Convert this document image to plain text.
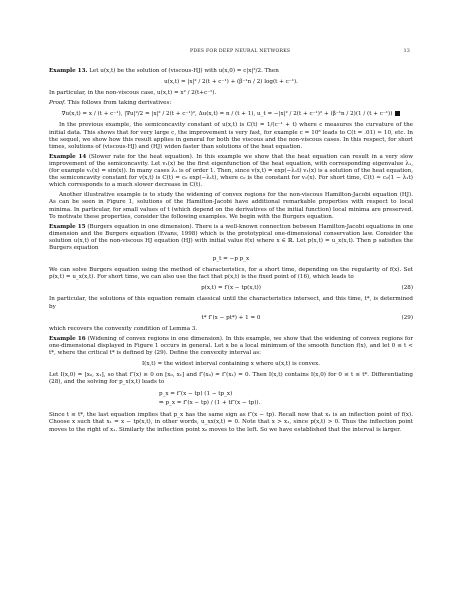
PDES FOR DEEP NEURAL NETWORKS	13

Example 13. Let u(x,t) be the solution of (viscous-HJ) with u(x,0) = c|x|²/2. Then

u(x,t) = |x|² / 2(t + c⁻¹) + (β⁻¹n / 2) log(t + c⁻¹).

In particular, in the non-viscous case, u(x,t) = x² / 2(t+c⁻¹).

Proof. This follows from taking derivatives:

∇u(x,t) = x / (t + c⁻¹), |∇u|²/2 = |x|² / 2(t + c⁻¹)², Δu(x,t) = n / (t + 1), u_t = −|x|² / 2(t + c⁻¹)² + (β⁻¹n / 2)(1 / (t + c⁻¹))

In the previous example, the semiconcavity constant of u(x,t) is C(t) = 1/(c⁻¹ + t) where c measures the curvature of the initial data. This shows that for very large c, the improvement is very fast, for example c = 10⁸ leads to C(t = .01) ≈ 10, etc. In the sequel, we show how this result applies in general for both the viscous and the non-viscous cases. In this respect, for short times, solutions of (viscous-HJ) and (HJ) widen faster than solutions of the heat equation.

Example 14 (Slower rate for the heat equation). In this example we show that the heat equation can result in a very slow improvement of the semiconcavity. Let v₁(x) be the first eigenfunction of the heat equation, with corresponding eigenvalue λ₁, (for example v₁(x) = sin(x)). In many cases λ₁ is of order 1. Then, since v(x,t) = exp(−λ₁t) v₁(x) is a solution of the heat equation, the semiconcavity constant for v(x,t) is C(t) = c₀ exp(−λ₁t), where c₀ is the constant for v₁(x). For short time, C(t) ≈ c₀(1 − λ₁t) which corresponds to a much slower decrease in C(t).

Another illustrative example is to study the widening of convex regions for the non-viscous Hamilton-Jacobi equation (HJ). As can be seen in Figure 1, solutions of the Hamilton-Jacobi have additional remarkable properties with respect to local minima. In particular, for small values of t (which depend on the derivatives of the initial function) local minima are preserved. To motivate these properties, consider the following examples. We begin with the Burgers equation.

Example 15 (Burgers equation in one dimension). There is a well-known connection between Hamilton-Jacobi equations in one dimension and the Burgers equation (Evans, 1998) which is the prototypical one-dimensional conservation law. Consider the solution u(x,t) of the non-viscous HJ equation (HJ) with initial value f(x) where x ∈ ℝ. Let p(x,t) = u_x(x,t). Then p satisfies the Burgers equation

p_t = −p p_x

We can solve Burgers equation using the method of characteristics, for a short time, depending on the regularity of f(x). Set p(x,t) = u_x(x,t). For short time, we can also use the fact that p(x,t) is the fixed point of (16), which leads to

p(x,t) = f′(x − tp(x,t))	(28)

In particular, the solutions of this equation remain classical until the characteristics intersect, and this time, t*, is determined by

t* f″(x − pt*) + 1 = 0	(29)

which recovers the convexity condition of Lemma 3.

Example 16 (Widening of convex regions in one dimension). In this example, we show that the widening of convex regions for one-dimensional displayed in Figure 1 occurs in general. Let x be a local minimum of the smooth function f(x), and let 0 ≤ t < t*, where the critical t* is defined by (29). Define the convexity interval as:

I(x,t) = the widest interval containing x where u(x,t) is convex.

Let I(x,0) = [x₀, x₁], so that f″(x) ≥ 0 on [x₀, x₁] and f″(x₀) = f″(x₁) = 0. Then I(x,t) contains I(x,0) for 0 ≤ t ≤ t*. Differentiating (28), and the solving for p_x(x,t) leads to

p_x = f″(x − tp) (1 − tp_x)
⇒ p_x = f″(x − tp) / (1 + tf″(x − tp)).

Since t ≤ t*, the last equation implies that p_x has the same sign as f″(x − tp). Recall now that x₁ is an inflection point of f(x). Choose x such that x₁ = x − tp(x,t), in other words, u_xx(x,t) = 0. Note that x > x₁, since p(x,t) > 0. Thus the inflection point moves to the right of x₁. Similarly the inflection point x₀ moves to the left. So we have established that the interval is larger.
